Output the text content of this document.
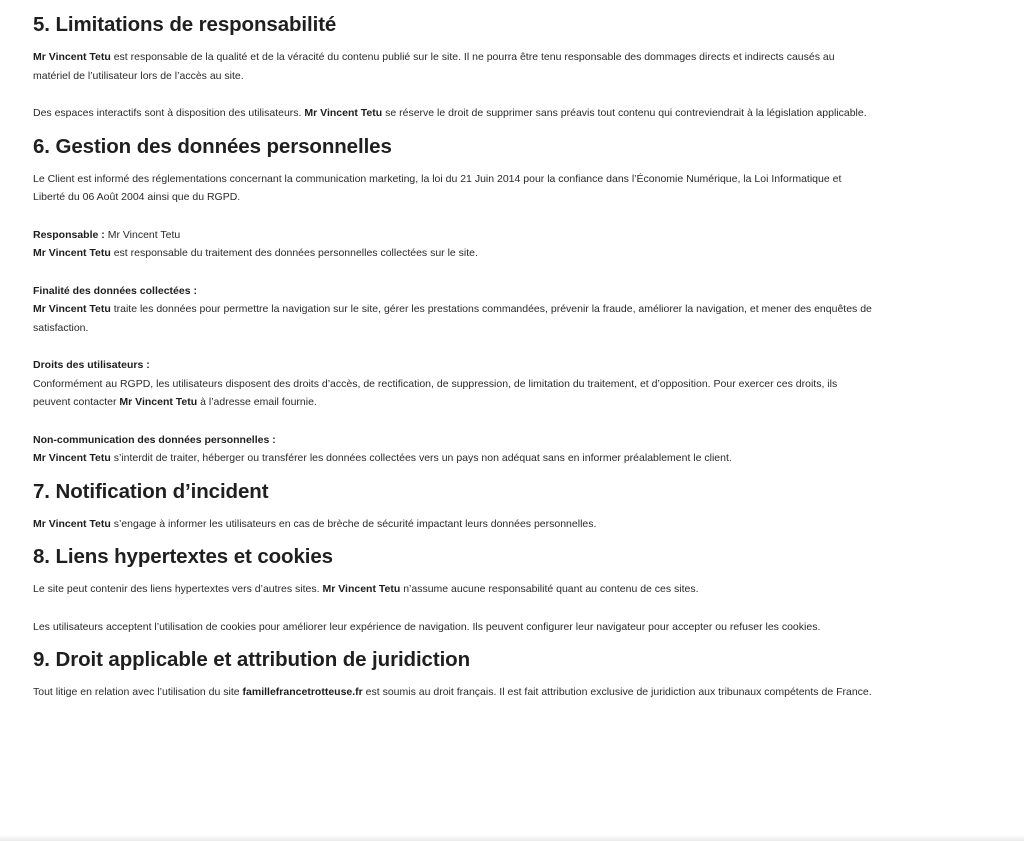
5. Limitations de responsabilité

Mr Vincent Tetu est responsable de la qualité et de la véracité du contenu publié sur le site. Il ne pourra être tenu responsable des dommages directs et indirects causés au matériel de l’utilisateur lors de l’accès au site.

Des espaces interactifs sont à disposition des utilisateurs. Mr Vincent Tetu se réserve le droit de supprimer sans préavis tout contenu qui contreviendrait à la législation applicable.

6. Gestion des données personnelles

Le Client est informé des réglementations concernant la communication marketing, la loi du 21 Juin 2014 pour la confiance dans l’Économie Numérique, la Loi Informatique et Liberté du 06 Août 2004 ainsi que du RGPD.

Responsable : Mr Vincent Tetu
Mr Vincent Tetu est responsable du traitement des données personnelles collectées sur le site.

Finalité des données collectées :
Mr Vincent Tetu traite les données pour permettre la navigation sur le site, gérer les prestations commandées, prévenir la fraude, améliorer la navigation, et mener des enquêtes de satisfaction.

Droits des utilisateurs :
Conformément au RGPD, les utilisateurs disposent des droits d’accès, de rectification, de suppression, de limitation du traitement, et d’opposition. Pour exercer ces droits, ils peuvent contacter Mr Vincent Tetu à l’adresse email fournie.

Non-communication des données personnelles :
Mr Vincent Tetu s’interdit de traiter, héberger ou transférer les données collectées vers un pays non adéquat sans en informer préalablement le client.

7. Notification d’incident

Mr Vincent Tetu s’engage à informer les utilisateurs en cas de brèche de sécurité impactant leurs données personnelles.

8. Liens hypertextes et cookies

Le site peut contenir des liens hypertextes vers d’autres sites. Mr Vincent Tetu n’assume aucune responsabilité quant au contenu de ces sites.

Les utilisateurs acceptent l’utilisation de cookies pour améliorer leur expérience de navigation. Ils peuvent configurer leur navigateur pour accepter ou refuser les cookies.

9. Droit applicable et attribution de juridiction

Tout litige en relation avec l’utilisation du site famillefrancetrotteuse.fr est soumis au droit français. Il est fait attribution exclusive de juridiction aux tribunaux compétents de France.
